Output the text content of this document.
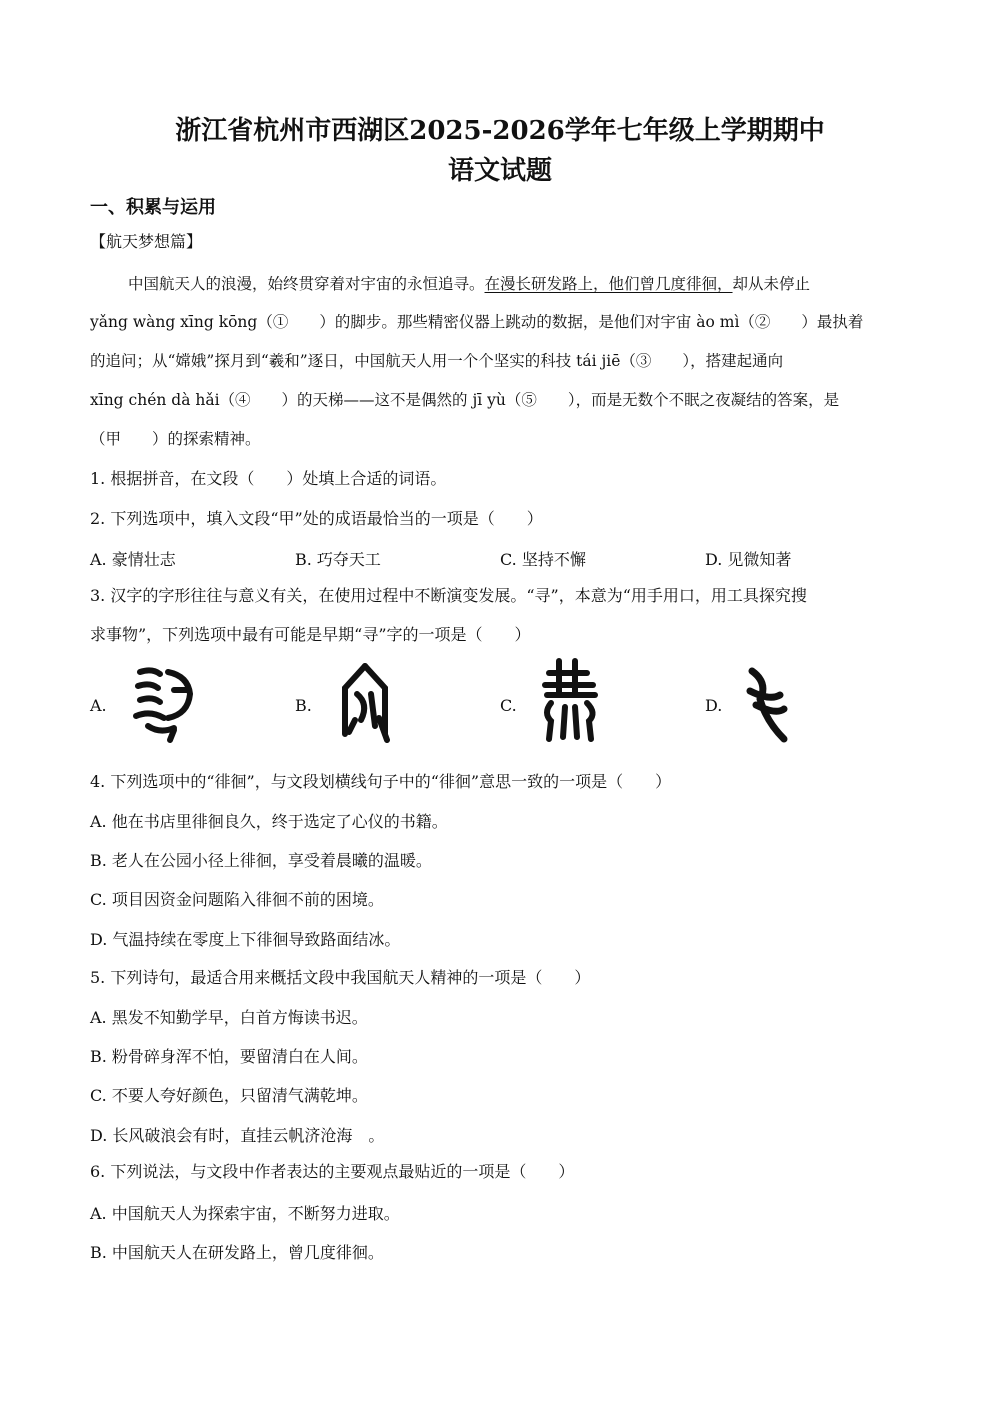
浙江省杭州市西湖区2025-2026学年七年级上学期期中
语文试题
一、积累与运用
【航天梦想篇】
中国航天人的浪漫，始终贯穿着对宇宙的永恒追寻。在漫长研发路上，他们曾几度徘徊，却从未停止
yǎng wàng xīng kōng（①　　）的脚步。那些精密仪器上跳动的数据，是他们对宇宙 ào mì（②　　）最执着
的追问；从“嫦娥”探月到“羲和”逐日，中国航天人用一个个坚实的科技 tái jiē（③　　），搭建起通向
xīng chén dà hǎi（④　　）的天梯——这不是偶然的 jī yù（⑤　　），而是无数个不眠之夜凝结的答案，是
（甲　　）的探索精神。
1. 根据拼音，在文段（　　）处填上合适的词语。
2. 下列选项中，填入文段“甲”处的成语最恰当的一项是（　　）
A. 豪情壮志	B. 巧夺天工	C. 坚持不懈	D. 见微知著
3. 汉字的字形往往与意义有关，在使用过程中不断演变发展。“寻”，本意为“用手用口，用工具探究搜
求事物”，下列选项中最有可能是早期“寻”字的一项是（　　）
A.	B.	C.	D.
4. 下列选项中的“徘徊”，与文段划横线句子中的“徘徊”意思一致的一项是（　　）
A. 他在书店里徘徊良久，终于选定了心仪的书籍。
B. 老人在公园小径上徘徊，享受着晨曦的温暖。
C. 项目因资金问题陷入徘徊不前的困境。
D. 气温持续在零度上下徘徊导致路面结冰。
5. 下列诗句，最适合用来概括文段中我国航天人精神的一项是（　　）
A. 黑发不知勤学早，白首方悔读书迟。
B. 粉骨碎身浑不怕，要留清白在人间。
C. 不要人夸好颜色，只留清气满乾坤。
D. 长风破浪会有时，直挂云帆济沧海　。
6. 下列说法，与文段中作者表达的主要观点最贴近的一项是（　　）
A. 中国航天人为探索宇宙，不断努力进取。
B. 中国航天人在研发路上，曾几度徘徊。
